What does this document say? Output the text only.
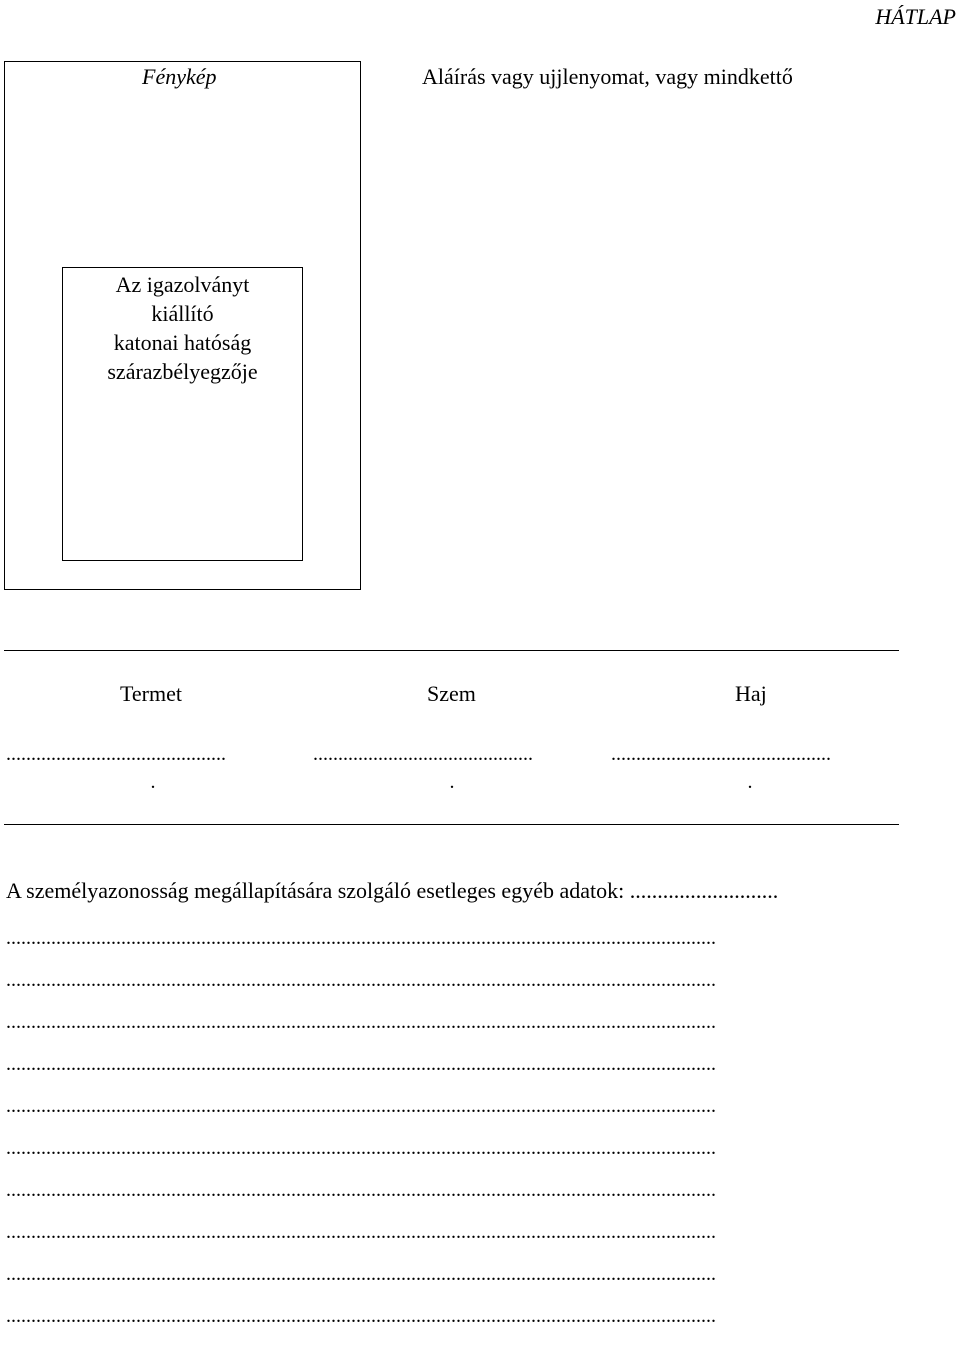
HÁTLAP
Fénykép	Aláírás vagy ujjlenyomat, vagy mindkettő
Az igazolványt
kiállító
katonai hatóság
szárazbélyegzője
Termet	Szem	Haj
............................................	............................................	............................................
.	.	.
A személyazonosság megállapítására szolgáló esetleges egyéb adatok: ...........................
..............................................................................................................................................
..............................................................................................................................................
..............................................................................................................................................
..............................................................................................................................................
..............................................................................................................................................
..............................................................................................................................................
..............................................................................................................................................
..............................................................................................................................................
..............................................................................................................................................
..............................................................................................................................................
